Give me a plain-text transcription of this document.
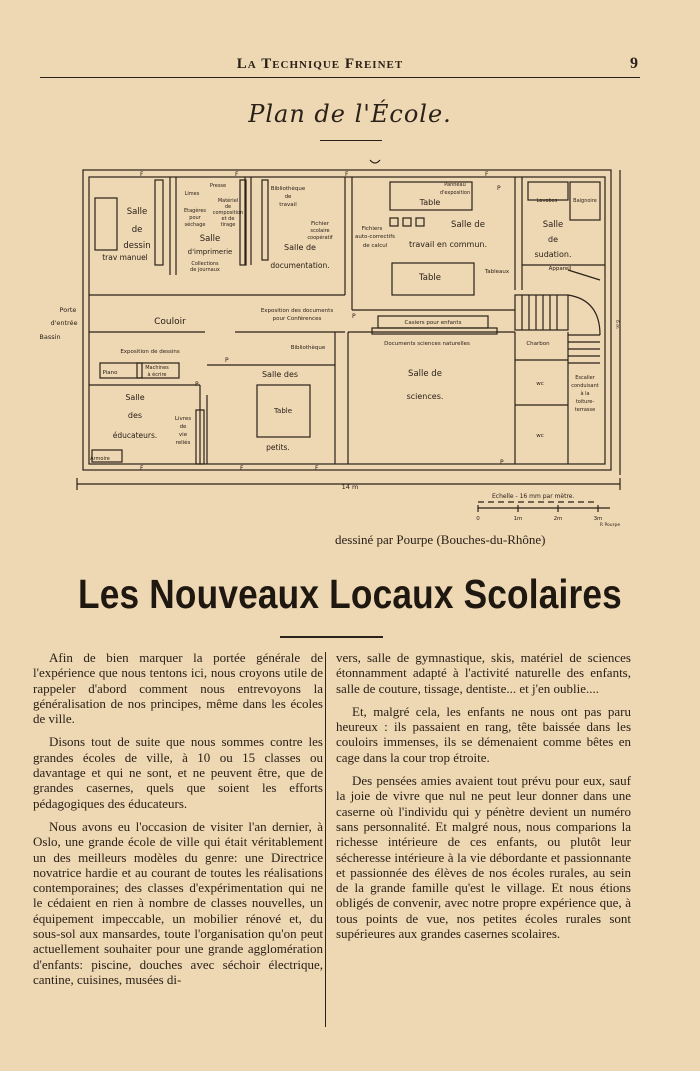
La Technique Freinet	9
Plan de l'École.
Salle
de
dessin
trav manuel
Presse
Limes
Etagères
pour
séchage
Matériel
de
composition
et de
tirage
Salle
d'imprimerie
Collections
de journaux
Bibliothèque
de
travail
Fichier
scolaire
coopératif
Salle de
documentation.
Panneau
d'exposition
Table
Fichiers
auto-correctifs
de calcul
Salle de
travail en commun.
Table
Tableaux
Lavabos	Baignoire
Salle
de
sudation.
Appareil
Porte
d'entrée
Bassin
Couloir
Exposition des documents
pour Conférences
Exposition de dessins
Bibliothèque
Casiers pour enfants
Documents sciences naturelles	Charbon
Piano
Machines
à écrire
Salle
des
éducateurs.
Livres
de
vie
reliés
Salle des
Table
petits.
Salle de
sciences.
wc
wc
Escalier
conduisant
à la
toiture-
terrasse
Armoire
F	F	F	F
F	F	F
P
P
P
P
P
14 m
Echelle - 16 mm par mètre.
0	1m	2m	3m
R Pourpe
6 m
dessiné par Pourpe (Bouches-du-Rhône)
Les Nouveaux Locaux Scolaires

Afin de bien marquer la portée générale de l'expérience que nous tentons ici, nous croyons utile de rappeler d'abord comment nous entrevoyons la généralisation de nos principes, même dans les écoles de ville.

Disons tout de suite que nous sommes contre les grandes écoles de ville, à 10 ou 15 classes ou davantage et qui ne sont, et ne peuvent être, que de grandes casernes, quels que soient les efforts pédagogiques des éducateurs.

Nous avons eu l'occasion de visiter l'an dernier, à Oslo, une grande école de ville qui était véritablement un des meilleurs modèles du genre: une Directrice novatrice hardie et au courant de toutes les réalisations contemporaines; des classes d'expérimentation qui ne le cédaient en rien à nombre de classes nouvelles, un équipement impeccable, un mobilier rénové et, du sous-sol aux mansardes, toute l'organisation qu'on peut actuellement souhaiter pour une grande agglomération d'enfants: piscine, douches avec séchoir électrique, cantine, cuisines, musées di-

vers, salle de gymnastique, skis, matériel de sciences étonnamment adapté à l'activité naturelle des enfants, salle de couture, tissage, dentiste... et j'en oublie....

Et, malgré cela, les enfants ne nous ont pas paru heureux : ils passaient en rang, tête baissée dans les couloirs immenses, ils se démenaient comme bêtes en cage dans la cour trop étroite.

Des pensées amies avaient tout prévu pour eux, sauf la joie de vivre que nul ne peut leur donner dans une caserne où l'individu qui y pénètre devient un numéro sans personnalité. Et malgré nous, nous comparions la richesse intérieure de ces enfants, ou plutôt leur sécheresse intérieure à la vie débordante et passionnante et passionnée des élèves de nos écoles rurales, au sein de la grande famille qu'est le village. Et nous étions obligés de convenir, avec notre propre expérience que, à tous points de vue, nos petites écoles rurales sont supérieures aux grandes casernes scolaires.
